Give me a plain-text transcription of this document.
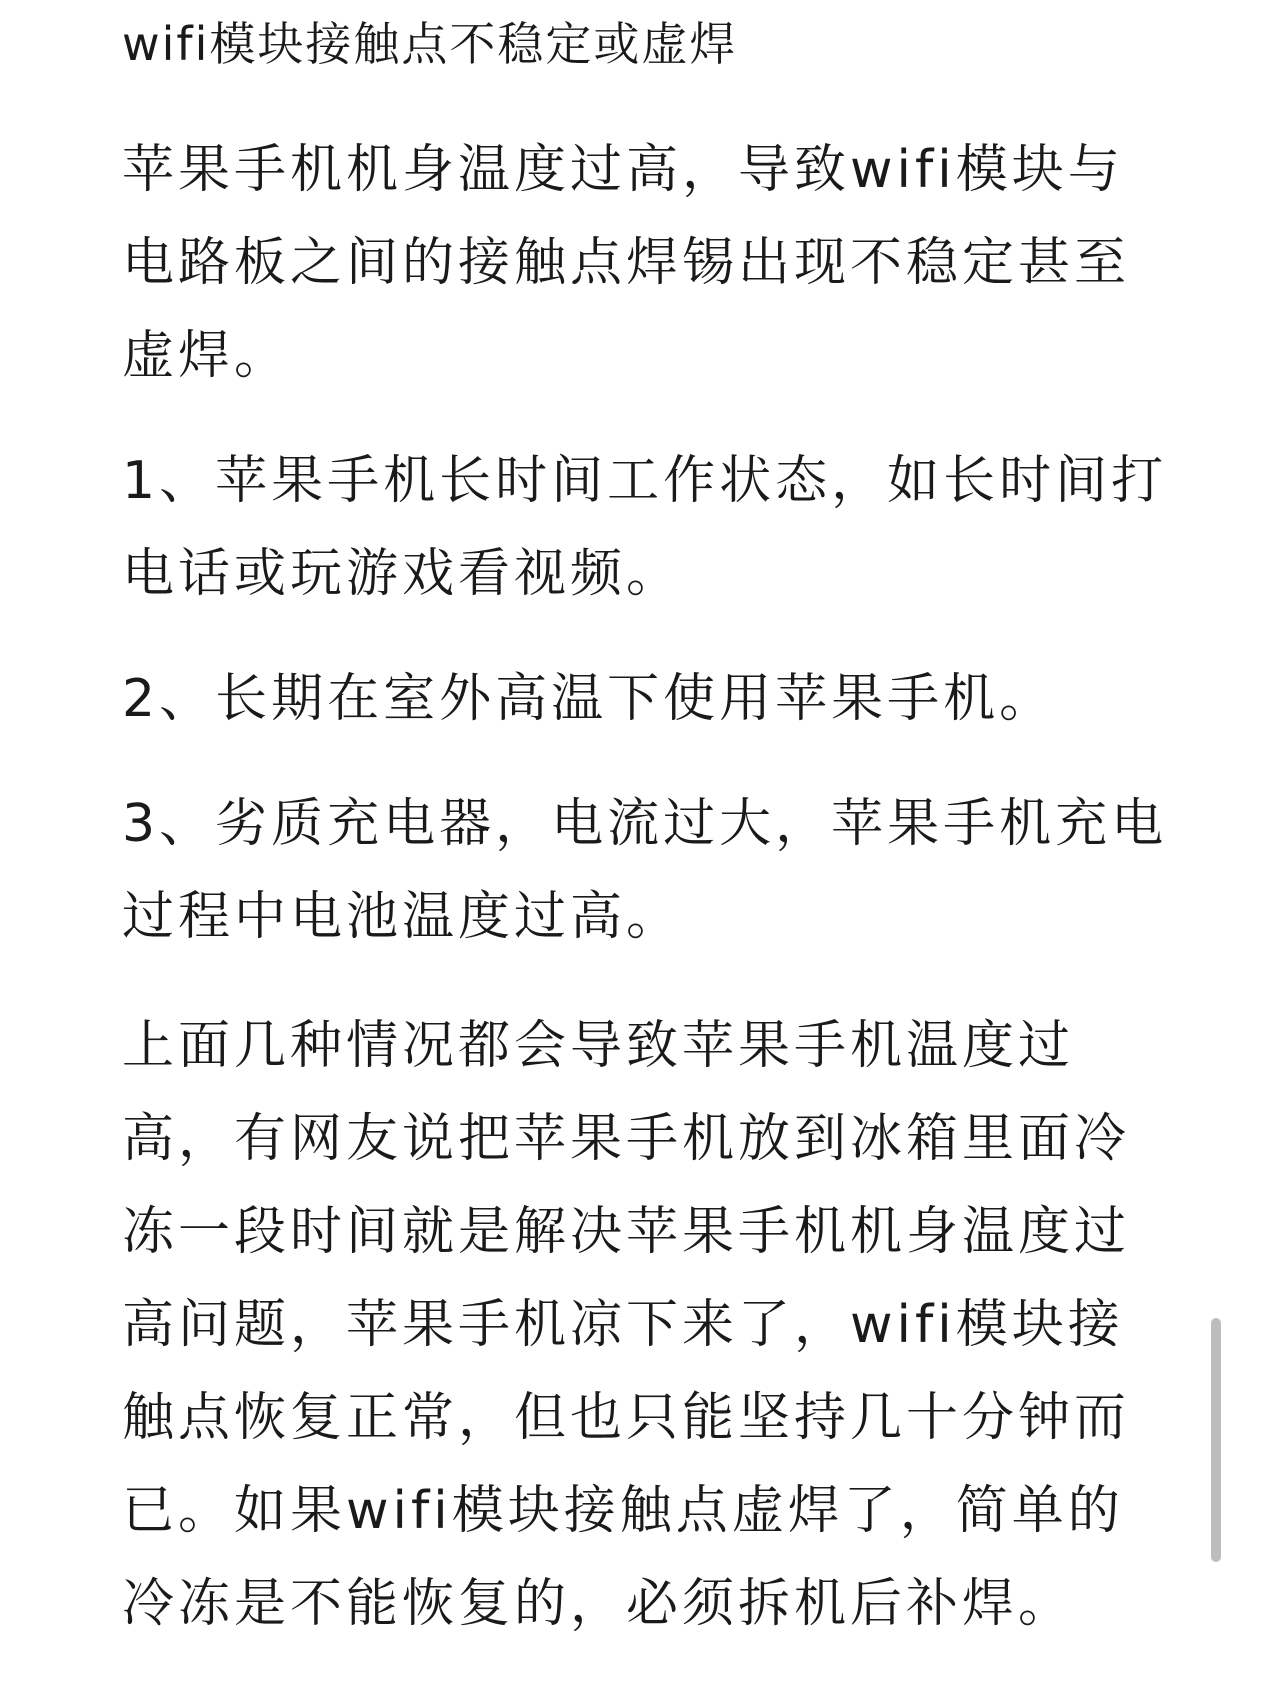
wifi模块接触点不稳定或虚焊

苹果手机机身温度过高，导致wifi模块与电路板之间的接触点焊锡出现不稳定甚至虚焊。

1、苹果手机长时间工作状态，如长时间打电话或玩游戏看视频。

2、长期在室外高温下使用苹果手机。

3、劣质充电器，电流过大，苹果手机充电过程中电池温度过高。

上面几种情况都会导致苹果手机温度过高，有网友说把苹果手机放到冰箱里面冷冻一段时间就是解决苹果手机机身温度过高问题，苹果手机凉下来了，wifi模块接触点恢复正常，但也只能坚持几十分钟而已。如果wifi模块接触点虚焊了，简单的冷冻是不能恢复的，必须拆机后补焊。
